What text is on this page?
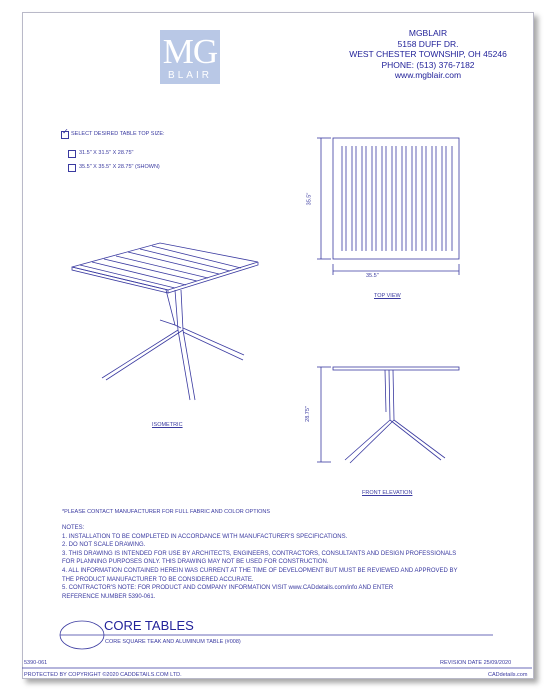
MG
BLAIR
MGBLAIR
5158 DUFF DR.
WEST CHESTER TOWNSHIP, OH 45246
PHONE: (513) 376-7182
www.mgblair.com
✓ SELECT DESIRED TABLE TOP SIZE:
31.5" X 31.5" X 28.75"
35.5" X 35.5" X 28.75" (SHOWN)
35.5"
35.5"
28.75"
ISOMETRIC
TOP VIEW
FRONT ELEVATION
*PLEASE CONTACT MANUFACTURER FOR FULL FABRIC AND COLOR OPTIONS
NOTES:
1. INSTALLATION TO BE COMPLETED IN ACCORDANCE WITH MANUFACTURER'S SPECIFICATIONS.
2. DO NOT SCALE DRAWING.
3. THIS DRAWING IS INTENDED FOR USE BY ARCHITECTS, ENGINEERS, CONTRACTORS, CONSULTANTS AND DESIGN PROFESSIONALS
FOR PLANNING PURPOSES ONLY. THIS DRAWING MAY NOT BE USED FOR CONSTRUCTION.
4. ALL INFORMATION CONTAINED HEREIN WAS CURRENT AT THE TIME OF DEVELOPMENT BUT MUST BE REVIEWED AND APPROVED BY
THE PRODUCT MANUFACTURER TO BE CONSIDERED ACCURATE.
5. CONTRACTOR'S NOTE: FOR PRODUCT AND COMPANY INFORMATION VISIT www.CADdetails.com/info AND ENTER
REFERENCE NUMBER 5390-061.
CORE TABLES
CORE SQUARE TEAK AND ALUMINUM TABLE (#008)
5390-061	REVISION DATE 25/09/2020
PROTECTED BY COPYRIGHT ©2020 CADDETAILS.COM LTD.	CADdetails.com
